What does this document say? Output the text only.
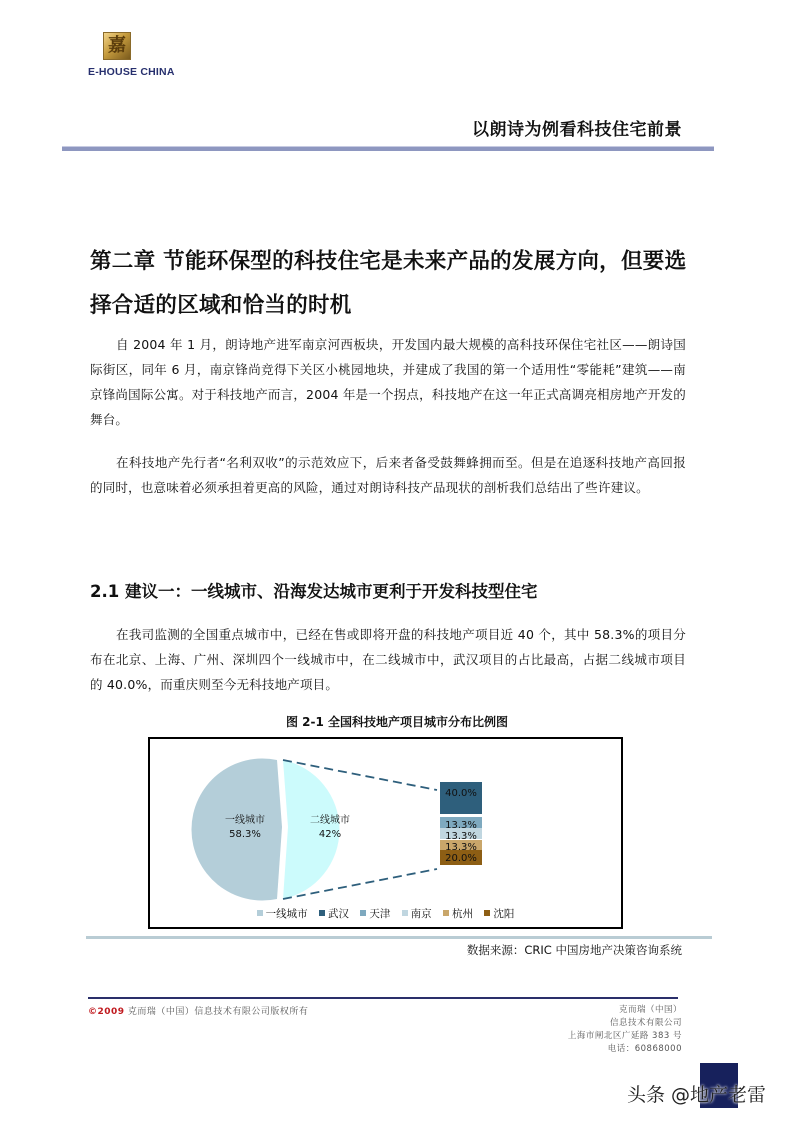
嘉
E-HOUSE CHINA
以朗诗为例看科技住宅前景
第二章 节能环保型的科技住宅是未来产品的发展方向，但要选择合适的区域和恰当的时机
自 2004 年 1 月，朗诗地产进军南京河西板块，开发国内最大规模的高科技环保住宅社区——朗诗国际街区，同年 6 月，南京锋尚竞得下关区小桃园地块，并建成了我国的第一个适用性“零能耗”建筑——南京锋尚国际公寓。对于科技地产而言，2004 年是一个拐点，科技地产在这一年正式高调亮相房地产开发的舞台。
在科技地产先行者“名利双收”的示范效应下，后来者备受鼓舞蜂拥而至。但是在追逐科技地产高回报的同时，也意味着必须承担着更高的风险，通过对朗诗科技产品现状的剖析我们总结出了些许建议。
2.1 建议一：一线城市、沿海发达城市更利于开发科技型住宅
在我司监测的全国重点城市中，已经在售或即将开盘的科技地产项目近 40 个，其中 58.3%的项目分布在北京、上海、广州、深圳四个一线城市中，在二线城市中，武汉项目的占比最高，占据二线城市项目的 40.0%，而重庆则至今无科技地产项目。
图 2-1 全国科技地产项目城市分布比例图
40.0%
13.3%
13.3%
13.3%
20.0%
一线城市
58.3%
二线城市
42%
一线城市 武汉 天津 南京 杭州 沈阳
数据来源：CRIC 中国房地产决策咨询系统
©2009 克而瑞（中国）信息技术有限公司版权所有	克而瑞（中国）
信息技术有限公司
上海市闸北区广延路 383 号
电话：60868000
头条 @地产老雷
